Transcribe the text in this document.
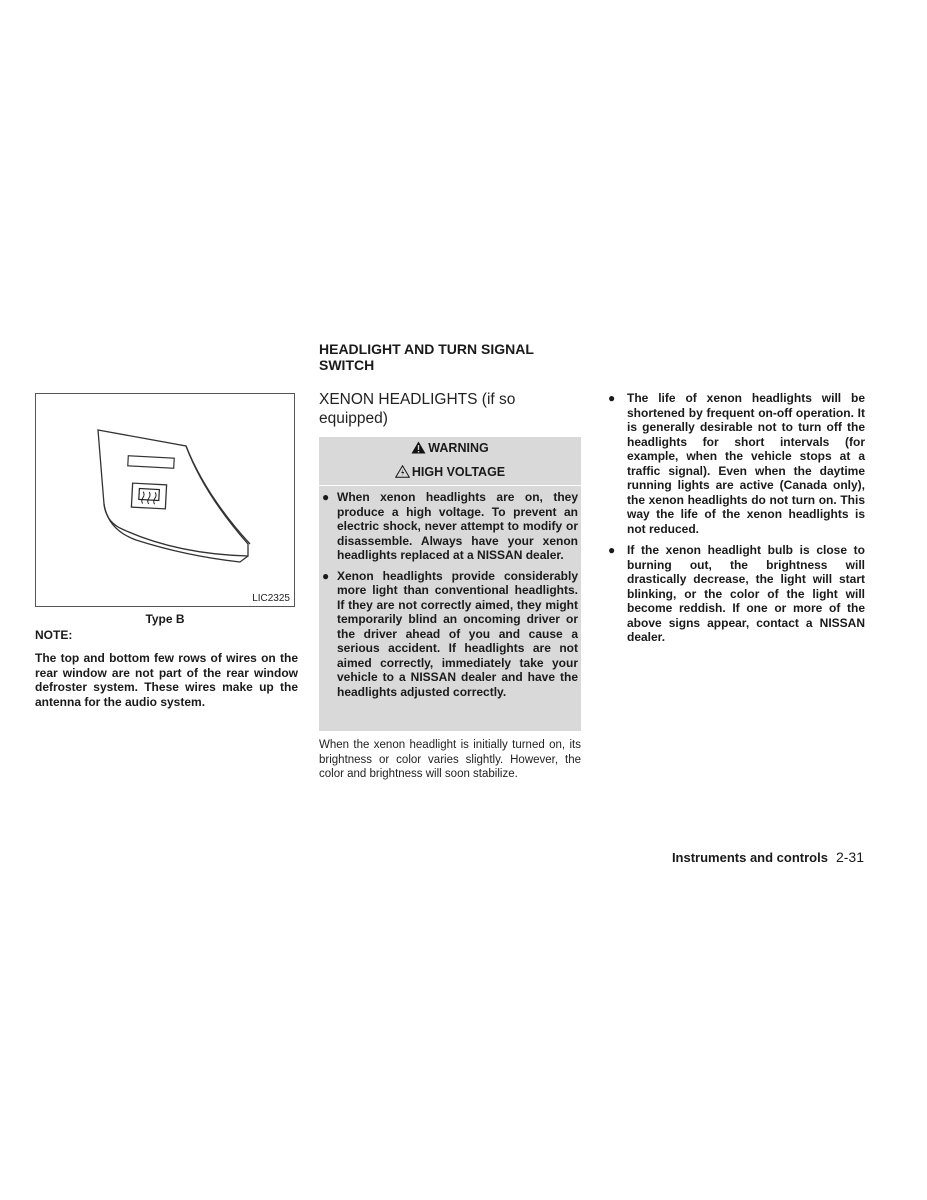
LIC2325
Type B
NOTE:
The top and bottom few rows of wires on the rear window are not part of the rear window defroster system. These wires make up the antenna for the audio system.
HEADLIGHT AND TURN SIGNAL SWITCH
XENON HEADLIGHTS (if so equipped)
WARNING
HIGH VOLTAGE
● When xenon headlights are on, they produce a high voltage. To prevent an electric shock, never attempt to modify or disassemble. Always have your xenon headlights replaced at a NISSAN dealer.
● Xenon headlights provide considerably more light than conventional headlights. If they are not correctly aimed, they might temporarily blind an oncoming driver or the driver ahead of you and cause a serious accident. If headlights are not aimed correctly, immediately take your vehicle to a NISSAN dealer and have the headlights adjusted correctly.
When the xenon headlight is initially turned on, its brightness or color varies slightly. However, the color and brightness will soon stabilize.
● The life of xenon headlights will be shortened by frequent on-off operation. It is generally desirable not to turn off the headlights for short intervals (for example, when the vehicle stops at a traffic signal). Even when the daytime running lights are active (Canada only), the xenon headlights do not turn on. This way the life of the xenon headlights is not reduced.
● If the xenon headlight bulb is close to burning out, the brightness will drastically decrease, the light will start blinking, or the color of the light will become reddish. If one or more of the above signs appear, contact a NISSAN dealer.
Instruments and controls 2-31
